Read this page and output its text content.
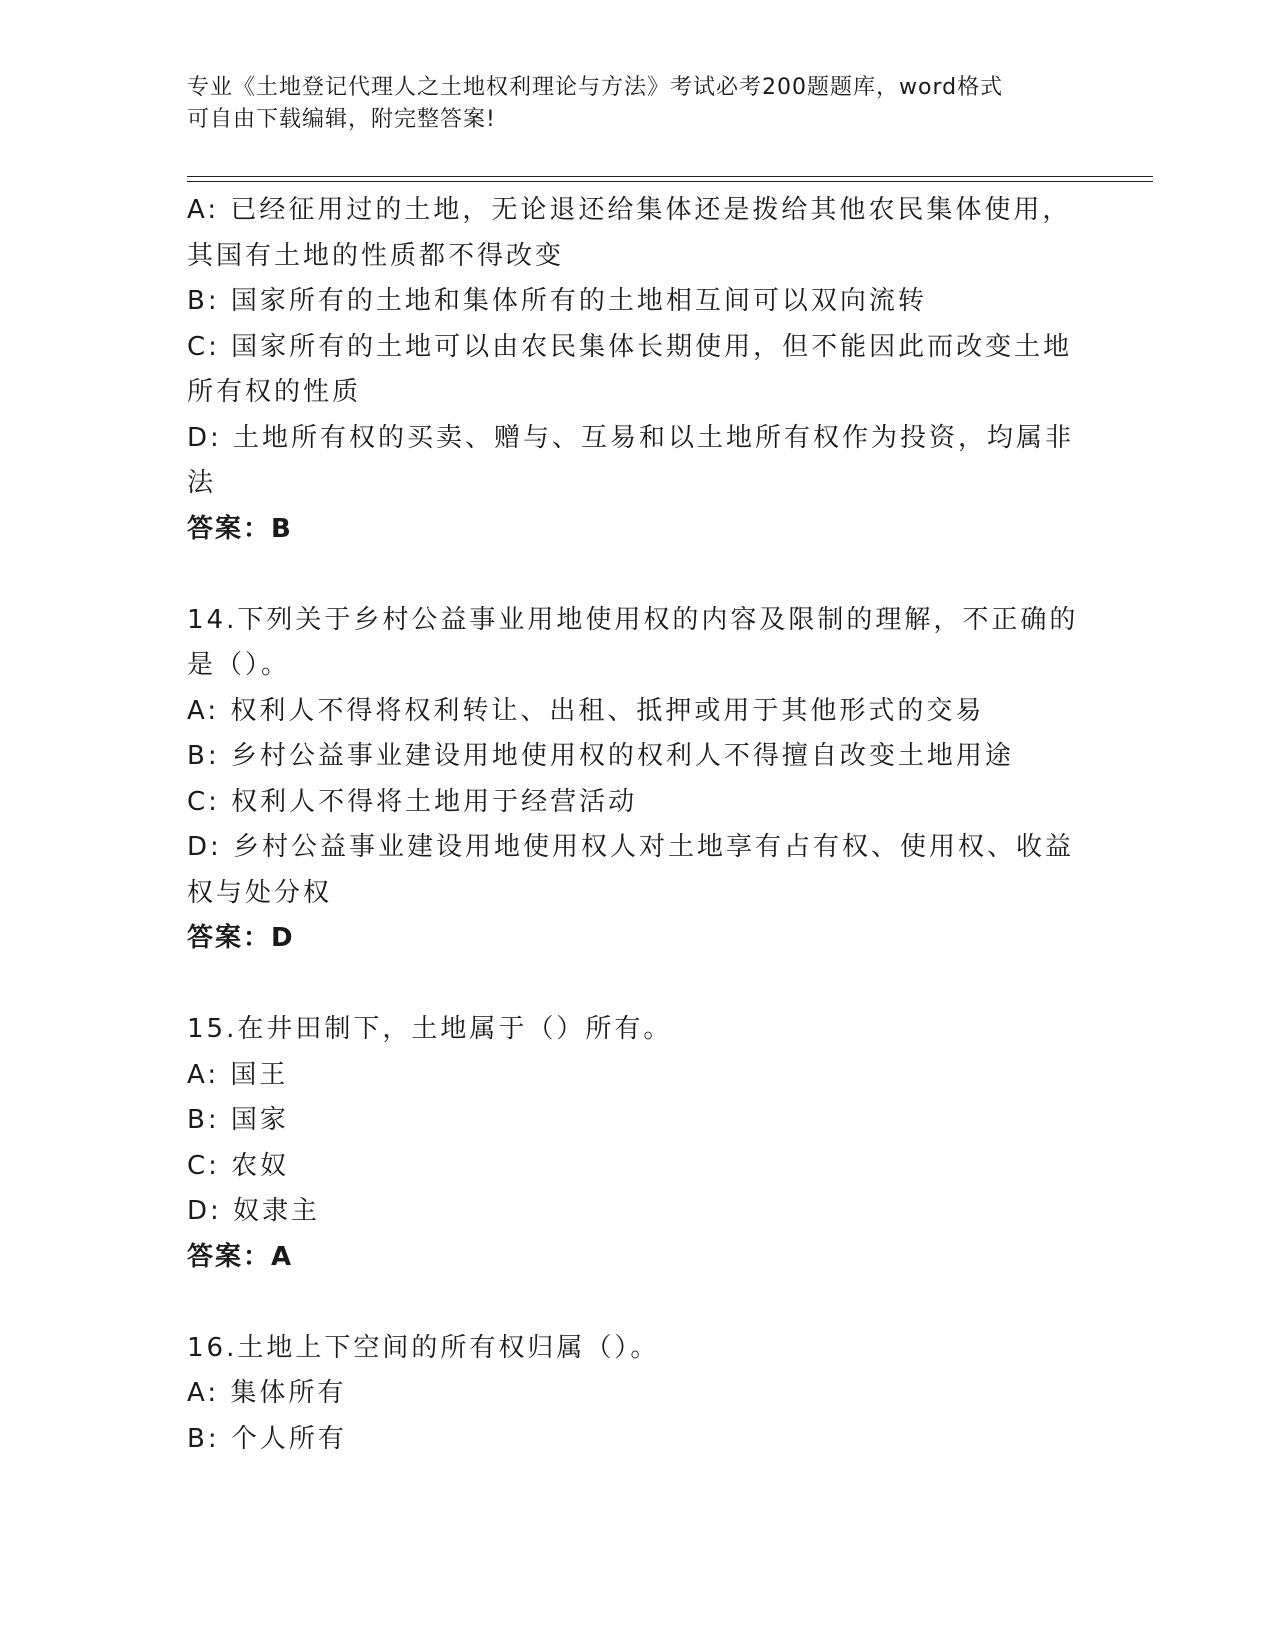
专业《土地登记代理人之土地权利理论与方法》考试必考200题题库，word格式
可自由下载编辑，附完整答案!
A: 已经征用过的土地，无论退还给集体还是拨给其他农民集体使用，
其国有土地的性质都不得改变
B: 国家所有的土地和集体所有的土地相互间可以双向流转
C: 国家所有的土地可以由农民集体长期使用，但不能因此而改变土地
所有权的性质
D: 土地所有权的买卖、赠与、互易和以土地所有权作为投资，均属非
法
答案：B
14.下列关于乡村公益事业用地使用权的内容及限制的理解，不正确的
是（）。
A: 权利人不得将权利转让、出租、抵押或用于其他形式的交易
B: 乡村公益事业建设用地使用权的权利人不得擅自改变土地用途
C: 权利人不得将土地用于经营活动
D: 乡村公益事业建设用地使用权人对土地享有占有权、使用权、收益
权与处分权
答案：D
15.在井田制下，土地属于（）所有。
A: 国王
B: 国家
C: 农奴
D: 奴隶主
答案：A
16.土地上下空间的所有权归属（）。
A: 集体所有
B: 个人所有
